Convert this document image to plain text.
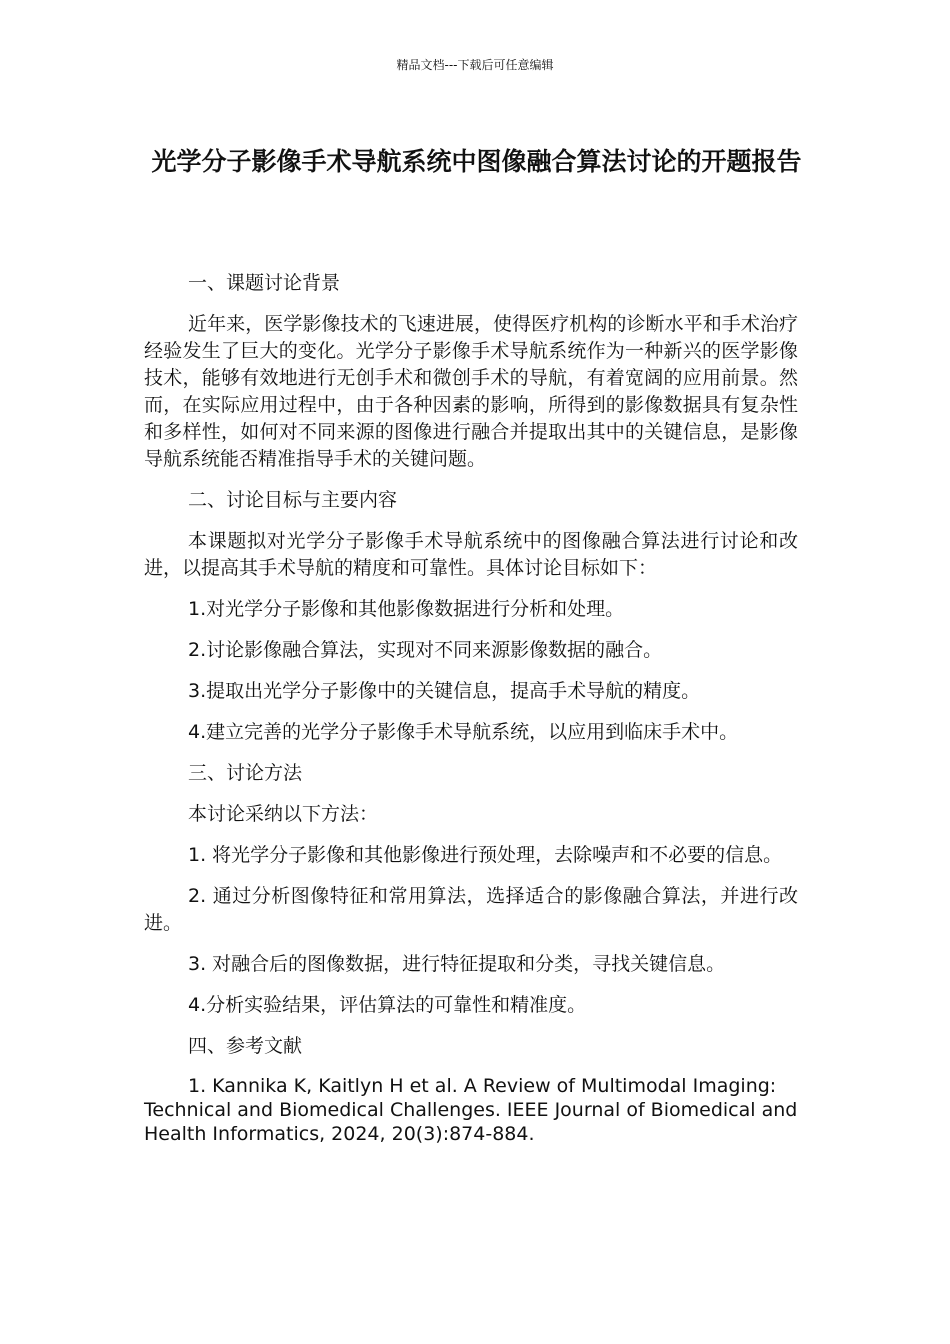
精品文档---下载后可任意编辑
光学分子影像手术导航系统中图像融合算法讨论的开题报告

一、课题讨论背景

近年来，医学影像技术的飞速进展，使得医疗机构的诊断水平和手术治疗经验发生了巨大的变化。光学分子影像手术导航系统作为一种新兴的医学影像技术，能够有效地进行无创手术和微创手术的导航，有着宽阔的应用前景。然而，在实际应用过程中，由于各种因素的影响，所得到的影像数据具有复杂性和多样性，如何对不同来源的图像进行融合并提取出其中的关键信息，是影像导航系统能否精准指导手术的关键问题。

二、讨论目标与主要内容

本课题拟对光学分子影像手术导航系统中的图像融合算法进行讨论和改进，以提高其手术导航的精度和可靠性。具体讨论目标如下：

1.对光学分子影像和其他影像数据进行分析和处理。

2.讨论影像融合算法，实现对不同来源影像数据的融合。

3.提取出光学分子影像中的关键信息，提高手术导航的精度。

4.建立完善的光学分子影像手术导航系统，以应用到临床手术中。

三、讨论方法

本讨论采纳以下方法：

1. 将光学分子影像和其他影像进行预处理，去除噪声和不必要的信息。

2. 通过分析图像特征和常用算法，选择适合的影像融合算法，并进行改进。

3. 对融合后的图像数据，进行特征提取和分类，寻找关键信息。

4.分析实验结果，评估算法的可靠性和精准度。

四、参考文献

1. Kannika K, Kaitlyn H et al. A Review of Multimodal Imaging: Technical and Biomedical Challenges. IEEE Journal of Biomedical and Health Informatics, 2024, 20(3):874-884.
